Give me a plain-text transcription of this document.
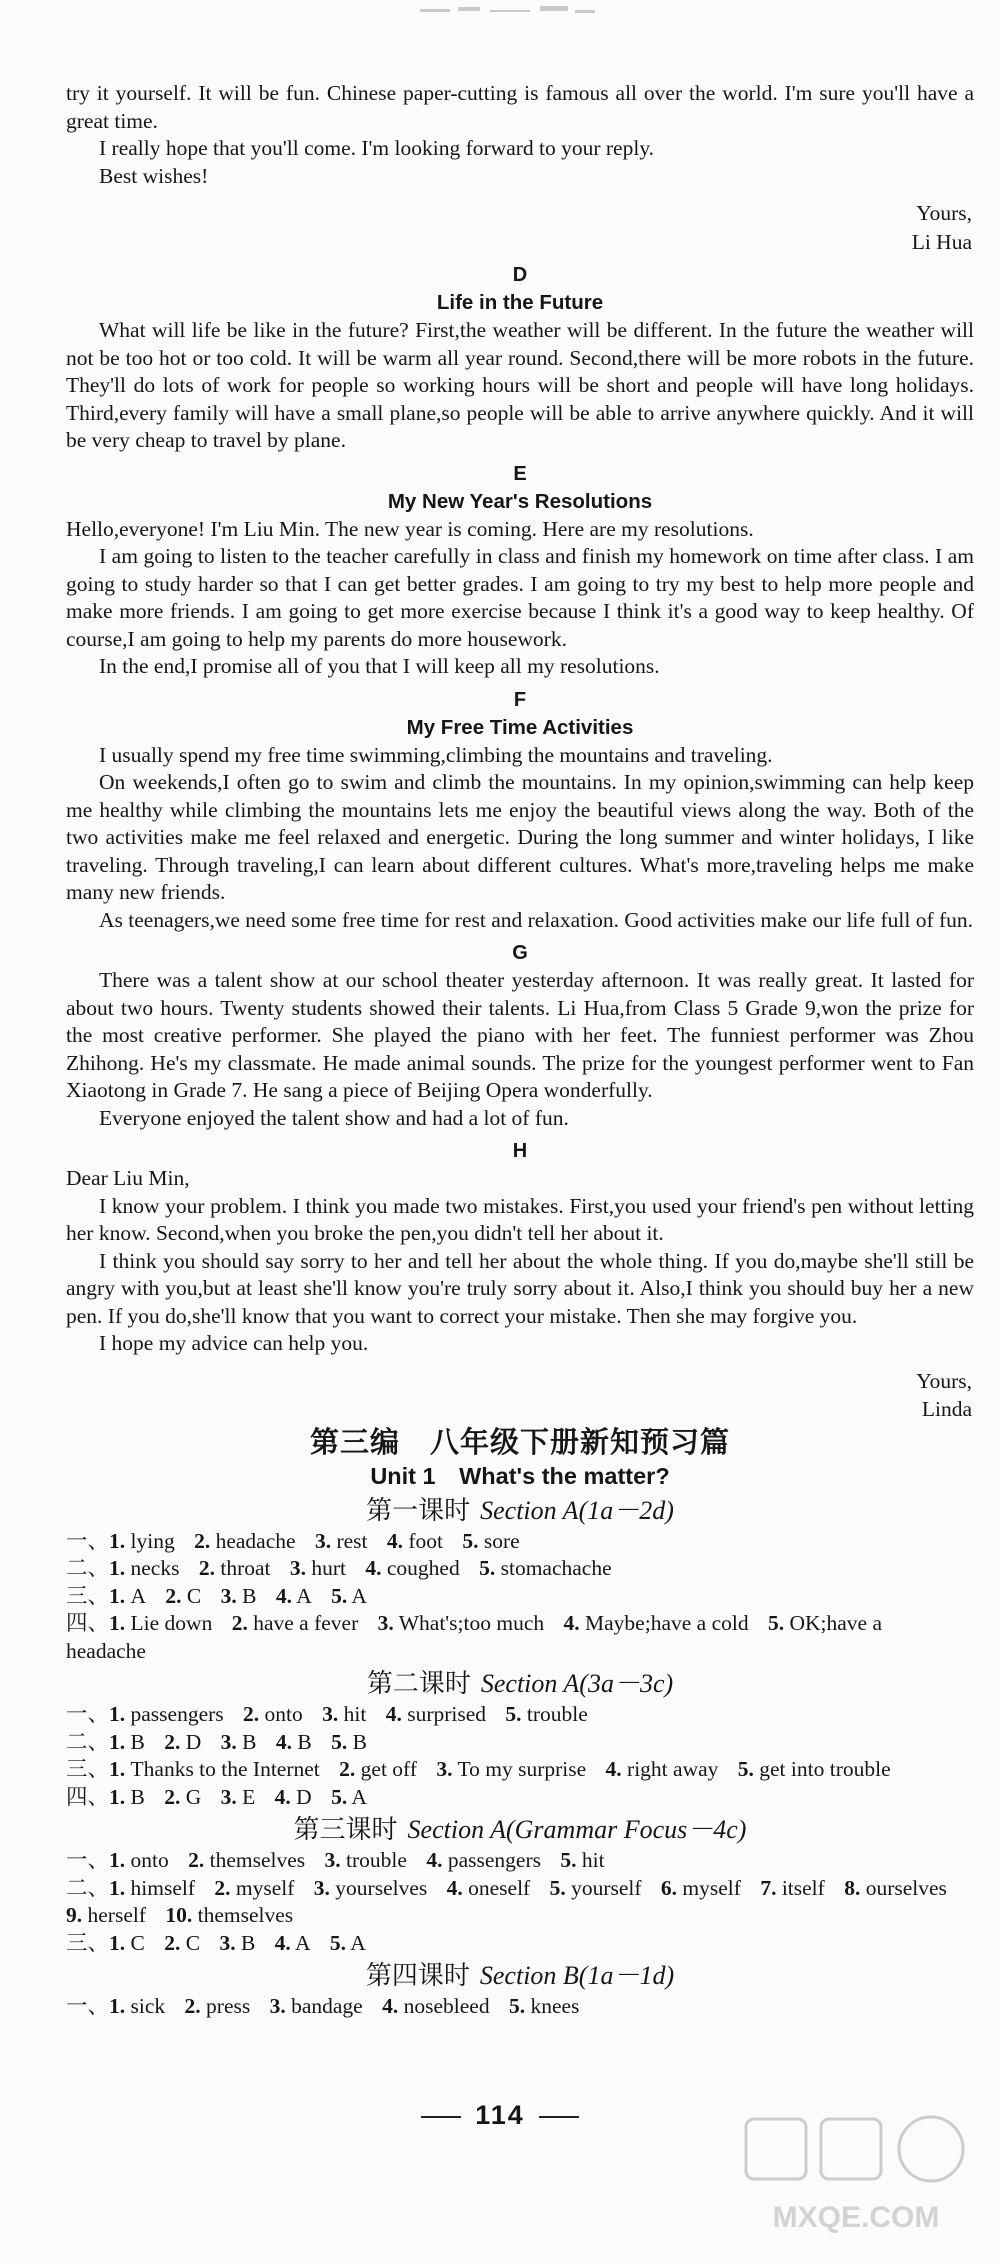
try it yourself. It will be fun. Chinese paper-cutting is famous all over the world. I'm sure you'll have a great time.

I really hope that you'll come. I'm looking forward to your reply.

Best wishes!

Yours,

Li Hua

D

Life in the Future

What will life be like in the future? First,the weather will be different. In the future the weather will not be too hot or too cold. It will be warm all year round. Second,there will be more robots in the future. They'll do lots of work for people so working hours will be short and people will have long holidays. Third,every family will have a small plane,so people will be able to arrive anywhere quickly. And it will be very cheap to travel by plane.

E

My New Year's Resolutions

Hello,everyone! I'm Liu Min. The new year is coming. Here are my resolutions.

I am going to listen to the teacher carefully in class and finish my homework on time after class. I am going to study harder so that I can get better grades. I am going to try my best to help more people and make more friends. I am going to get more exercise because I think it's a good way to keep healthy. Of course,I am going to help my parents do more housework.

In the end,I promise all of you that I will keep all my resolutions.

F

My Free Time Activities

I usually spend my free time swimming,climbing the mountains and traveling.

On weekends,I often go to swim and climb the mountains. In my opinion,swimming can help keep me healthy while climbing the mountains lets me enjoy the beautiful views along the way. Both of the two activities make me feel relaxed and energetic. During the long summer and winter holidays, I like traveling. Through traveling,I can learn about different cultures. What's more,traveling helps me make many new friends.

As teenagers,we need some free time for rest and relaxation. Good activities make our life full of fun.

G

There was a talent show at our school theater yesterday afternoon. It was really great. It lasted for about two hours. Twenty students showed their talents. Li Hua,from Class 5 Grade 9,won the prize for the most creative performer. She played the piano with her feet. The funniest performer was Zhou Zhihong. He's my classmate. He made animal sounds. The prize for the youngest performer went to Fan Xiaotong in Grade 7. He sang a piece of Beijing Opera wonderfully.

Everyone enjoyed the talent show and had a lot of fun.

H

Dear Liu Min,

I know your problem. I think you made two mistakes. First,you used your friend's pen without letting her know. Second,when you broke the pen,you didn't tell her about it.

I think you should say sorry to her and tell her about the whole thing. If you do,maybe she'll still be angry with you,but at least she'll know you're truly sorry about it. Also,I think you should buy her a new pen. If you do,she'll know that you want to correct your mistake. Then she may forgive you.

I hope my advice can help you.

Yours,

Linda

第三编　八年级下册新知预习篇

Unit 1　What's the matter?

第一课时 Section A(1a－2d)

一、1. lying 2. headache 3. rest 4. foot 5. sore

二、1. necks 2. throat 3. hurt 4. coughed 5. stomachache

三、1. A 2. C 3. B 4. A 5. A

四、1. Lie down 2. have a fever 3. What's;too much 4. Maybe;have a cold 5. OK;have a headache

第二课时 Section A(3a－3c)

一、1. passengers 2. onto 3. hit 4. surprised 5. trouble

二、1. B 2. D 3. B 4. B 5. B

三、1. Thanks to the Internet 2. get off 3. To my surprise 4. right away 5. get into trouble

四、1. B 2. G 3. E 4. D 5. A

第三课时 Section A(Grammar Focus－4c)

一、1. onto 2. themselves 3. trouble 4. passengers 5. hit

二、1. himself 2. myself 3. yourselves 4. oneself 5. yourself 6. myself 7. itself 8. ourselves 9. herself 10. themselves

三、1. C 2. C 3. B 4. A 5. A

第四课时 Section B(1a－1d)

一、1. sick 2. press 3. bandage 4. nosebleed 5. knees

114
MXQE.COM
